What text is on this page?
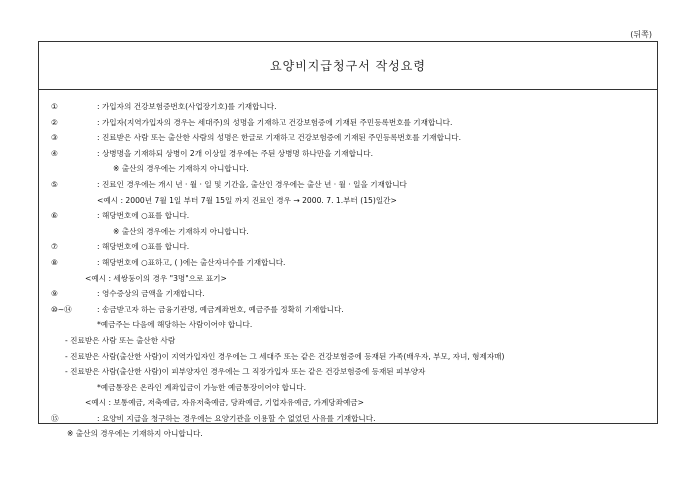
(뒤쪽)
요양비지급청구서 작성요령
①	: 가입자의 건강보험증번호(사업장기호)를 기재합니다.
②	: 가입자(지역가입자의 경우는 세대주)의 성명을 기재하고 건강보험증에 기재된 주민등록번호를 기재합니다.
③	: 진료받은 사람 또는 출산한 사람의 성명은 한글로 기재하고 건강보험증에 기재된 주민등록번호를 기재합니다.
④	: 상병명을 기재하되 상병이 2개 이상일 경우에는 주된 상병명 하나만을 기재합니다.
※ 출산의 경우에는 기재하지 아니합니다.
⑤	: 진료인 경우에는 개시 년 · 월 · 일 및 기간을, 출산인 경우에는 출산 년 · 월 · 일을 기재합니다
<예시 : 2000년 7월 1일 부터 7월 15일 까지 진료인 경우 → 2000. 7. 1.부터 (15)일간>
⑥	: 해당번호에 ○표를 합니다.
※ 출산의 경우에는 기재하지 아니합니다.
⑦	: 해당번호에 ○표를 합니다.
⑧	: 해당번호에 ○표하고, ( )에는 출산자녀수를 기재합니다.
<예시 : 세쌍둥이의 경우 "3명"으로 표기>
⑨	: 영수증상의 금액을 기재합니다.
⑩~⑭	: 송금받고자 하는 금융기관명, 예금계좌번호, 예금주를 정확히 기재합니다.
*예금주는 다음에 해당하는 사람이어야 합니다.
- 진료받은 사람 또는 출산한 사람
- 진료받은 사람(출산한 사람)이 지역가입자인 경우에는 그 세대주 또는 같은 건강보험증에 등재된 가족(배우자, 부모, 자녀, 형제자매)
- 진료받은 사람(출산한 사람)이 피부양자인 경우에는 그 직장가입자 또는 같은 건강보험증에 등재된 피부양자
*예금통장은 온라인 계좌입금이 가능한 예금통장이어야 합니다.
<예시 : 보통예금, 저축예금, 자유저축예금, 당좌예금, 기업자유예금, 가계당좌예금>
⑮	: 요양비 지급을 청구하는 경우에는 요양기관을 이용할 수 없었던 사유를 기재합니다.
※ 출산의 경우에는 기재하지 아니합니다.
